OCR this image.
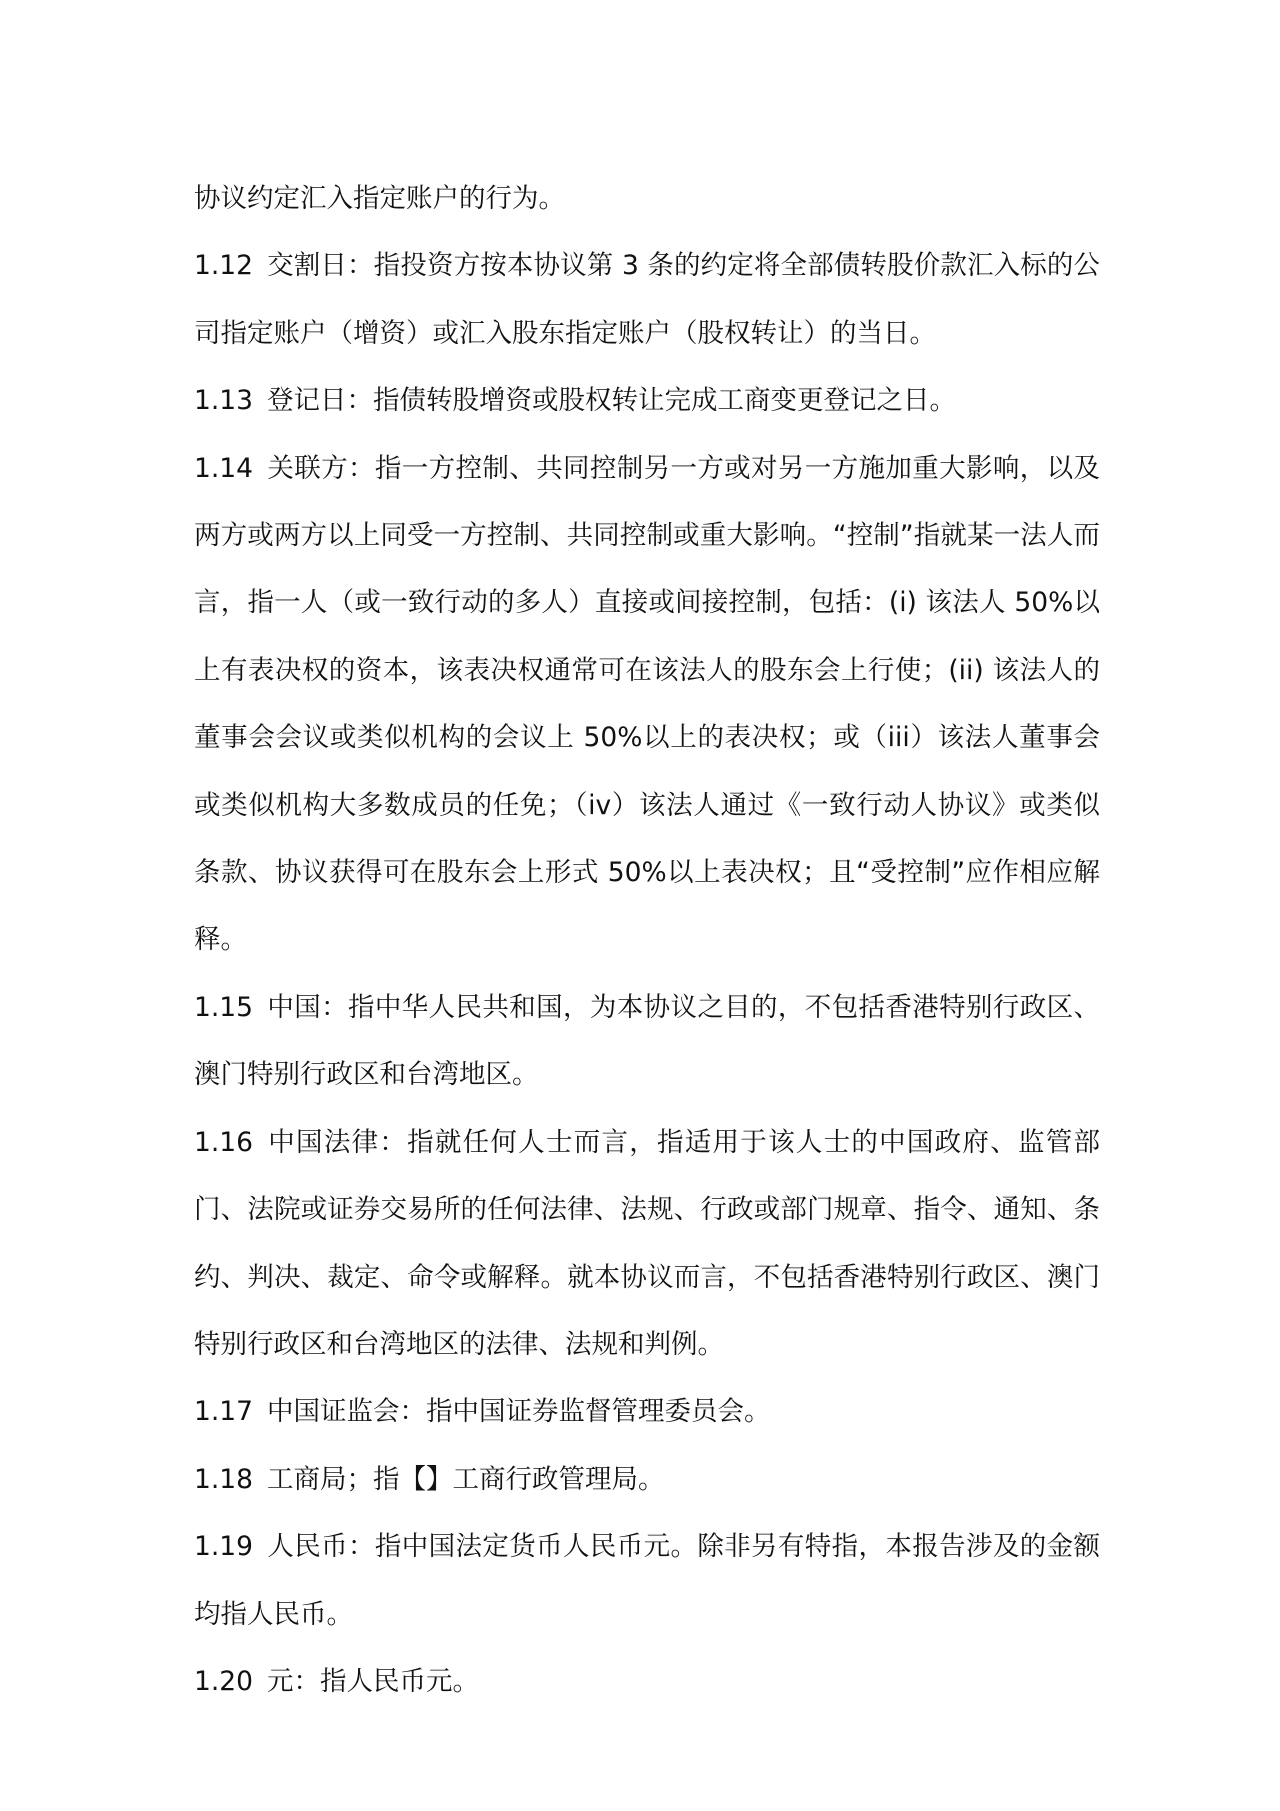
协议约定汇入指定账户的行为。

1.12 交割日：指投资方按本协议第 3 条的约定将全部债转股价款汇入标的公司指定账户（增资）或汇入股东指定账户（股权转让）的当日。

1.13 登记日：指债转股增资或股权转让完成工商变更登记之日。

1.14 关联方：指一方控制、共同控制另一方或对另一方施加重大影响，以及两方或两方以上同受一方控制、共同控制或重大影响。“控制”指就某一法人而言，指一人（或一致行动的多人）直接或间接控制，包括：(i) 该法人 50%以上有表决权的资本，该表决权通常可在该法人的股东会上行使；(ii) 该法人的董事会会议或类似机构的会议上 50%以上的表决权；或（iii）该法人董事会或类似机构大多数成员的任免；（iv）该法人通过《一致行动人协议》或类似条款、协议获得可在股东会上形式 50%以上表决权；且“受控制”应作相应解释。

1.15 中国：指中华人民共和国，为本协议之目的，不包括香港特别行政区、澳门特别行政区和台湾地区。

1.16 中国法律：指就任何人士而言，指适用于该人士的中国政府、监管部门、法院或证券交易所的任何法律、法规、行政或部门规章、指令、通知、条约、判决、裁定、命令或解释。就本协议而言，不包括香港特别行政区、澳门特别行政区和台湾地区的法律、法规和判例。

1.17 中国证监会：指中国证券监督管理委员会。

1.18 工商局；指【】工商行政管理局。

1.19 人民币：指中国法定货币人民币元。除非另有特指，本报告涉及的金额均指人民币。

1.20 元：指人民币元。
